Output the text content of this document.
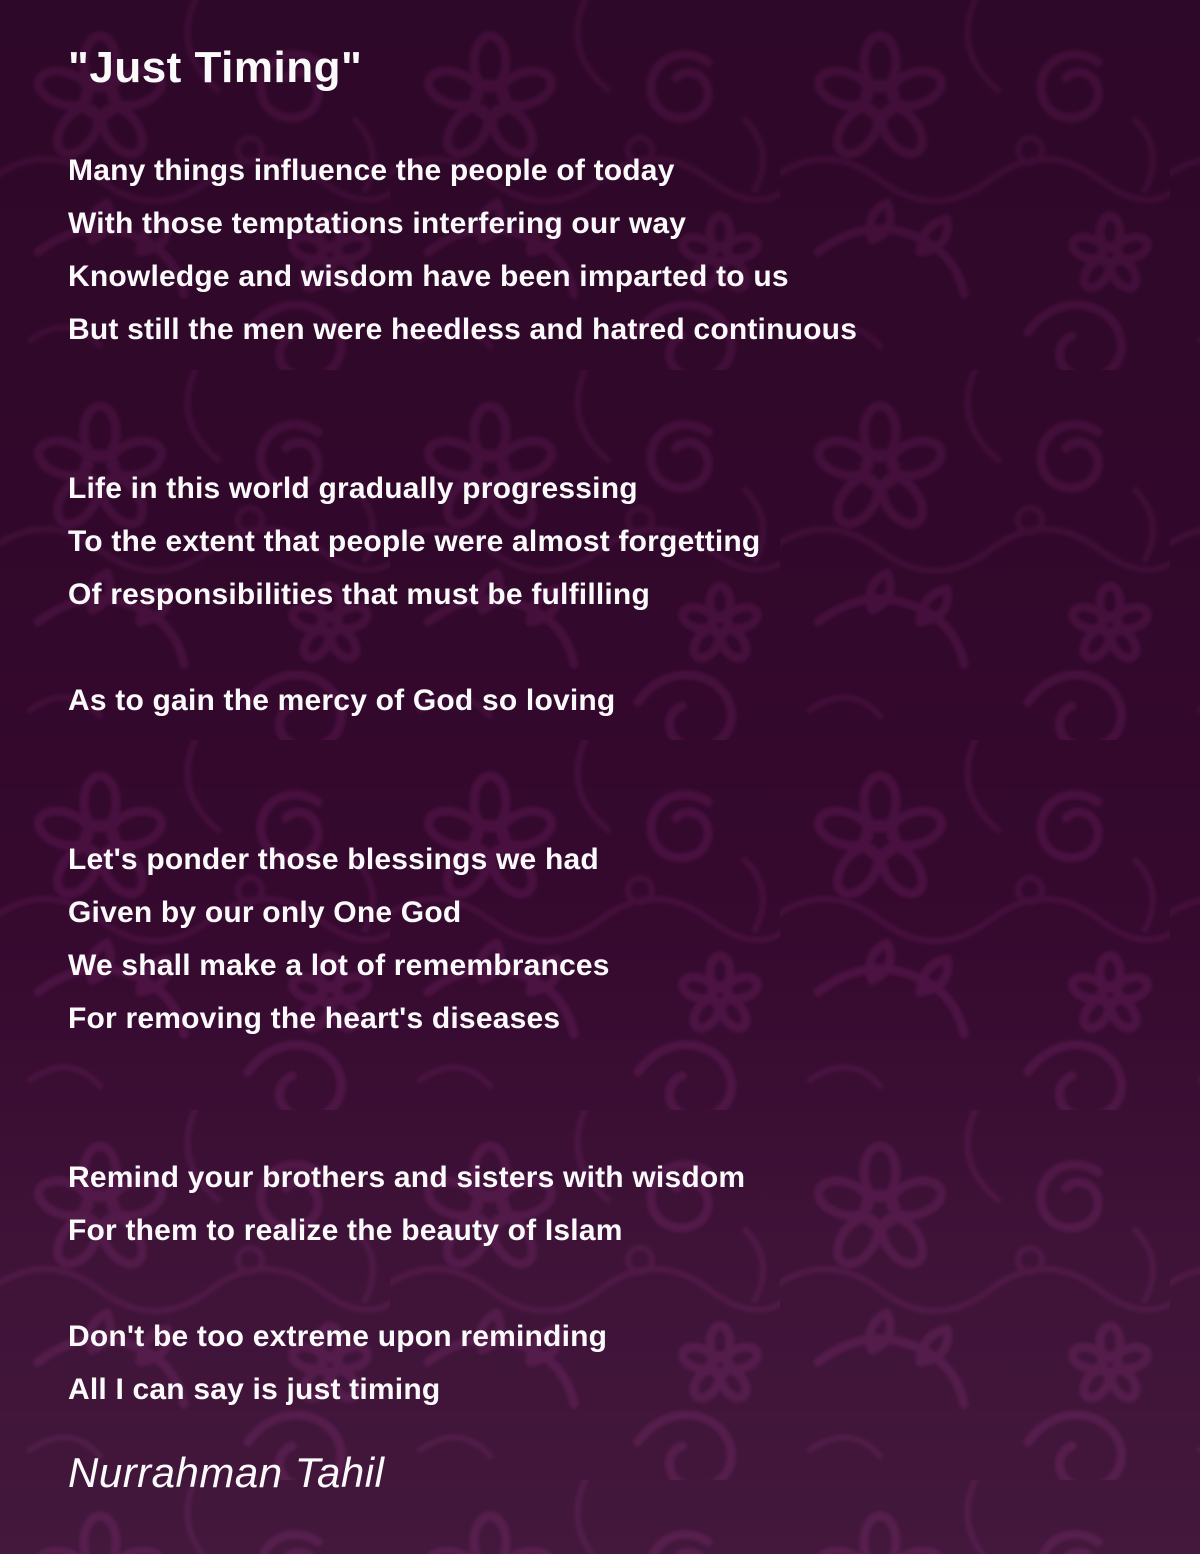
"Just Timing"

Many things influence the people of today

With those temptations interfering our way

Knowledge and wisdom have been imparted to us

But still the men were heedless and hatred continuous

Life in this world gradually progressing

To the extent that people were almost forgetting

Of responsibilities that must be fulfilling

As to gain the mercy of God so loving

Let's ponder those blessings we had

Given by our only One God

We shall make a lot of remembrances

For removing the heart's diseases

Remind your brothers and sisters with wisdom

For them to realize the beauty of Islam

Don't be too extreme upon reminding

All I can say is just timing

Nurrahman Tahil
